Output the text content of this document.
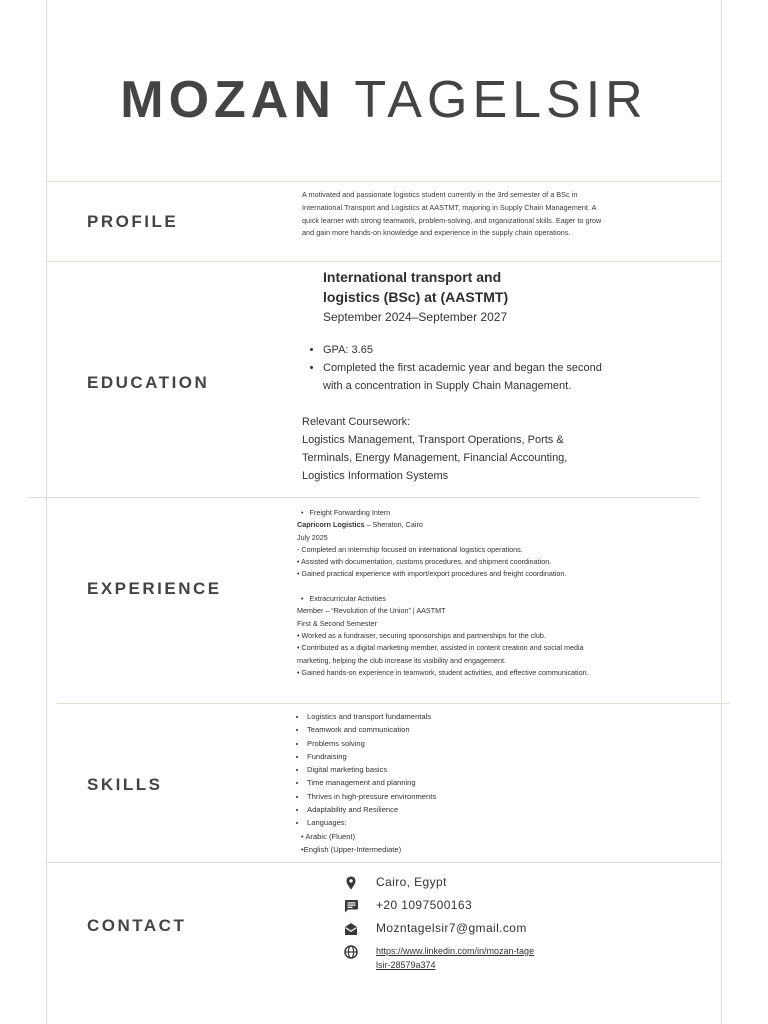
MOZAN TAGELSIR
PROFILE
EDUCATION
EXPERIENCE
SKILLS
CONTACT
A motivated and passionate logistics student currently in the 3rd semester of a BSc in International Transport and Logistics at AASTMT, majoring in Supply Chain Management. A quick learner with strong teamwork, problem-solving, and organizational skills. Eager to grow and gain more hands-on knowledge and experience in the supply chain operations.
International transport and logistics (BSc) at (AASTMT)
September 2024–September 2027
• GPA: 3.65
• Completed the first academic year and began the second with a concentration in Supply Chain Management.
Relevant Coursework:
Logistics Management, Transport Operations, Ports & Terminals, Energy Management, Financial Accounting, Logistics Information Systems
• Freight Forwarding Intern
Capricorn Logistics – Sheraton, Cairo
July 2025
- Completed an internship focused on international logistics operations.
• Assisted with documentation, customs procedures, and shipment coordination.
• Gained practical experience with import/export procedures and freight coordination.
• Extracurricular Activities
Member – “Revolution of the Union” | AASTMT
First & Second Semester
• Worked as a fundraiser, securing sponsorships and partnerships for the club.
• Contributed as a digital marketing member, assisted in content creation and social media marketing, helping the club increase its visibility and engagement.
• Gained hands-on experience in teamwork, student activities, and effective communication.
• Logistics and transport fundamentals
• Teamwork and communication
• Problems solving
• Fundraising
• Digital marketing basics
• Time management and planning
• Thrives in high-pressure environments
• Adaptability and Resilience
• Languages:
• Arabic (Fluent)
•English (Upper-Intermediate)
Cairo, Egypt
+20 1097500163
Mozntagelsir7@gmail.com
https://www.linkedin.com/in/mozan-tagelsir-28579a374
